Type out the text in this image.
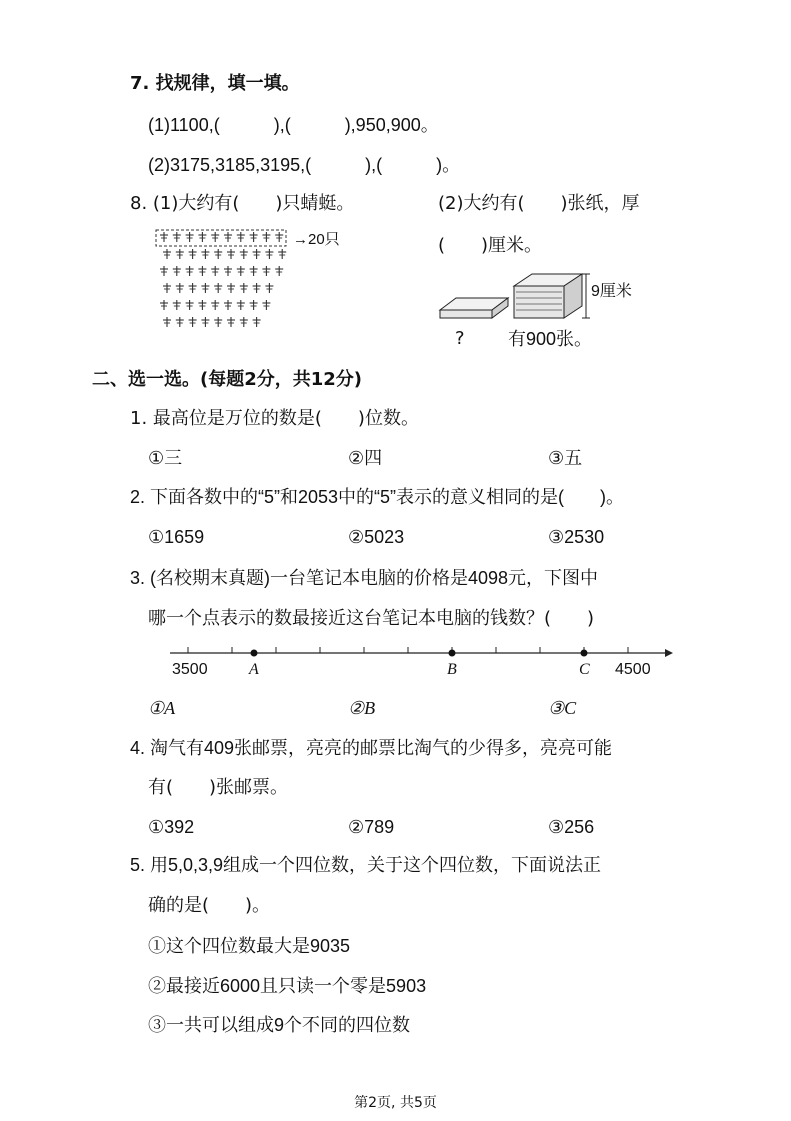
7. 找规律，填一填。
(1)1100,(　　　),(　　　),950,900。
(2)3175,3185,3195,(　　　),(　　　)。
8. (1)大约有(　　)只蜻蜓。	(2)大约有(　　)张纸，厚
(　　)厘米。
→20只
9厘米
? 有900张。
二、选一选。(每题2分，共12分)
1. 最高位是万位的数是(　　)位数。
①三	②四	③五
2. 下面各数中的“5”和2053中的“5”表示的意义相同的是(　　)。
①1659	②5023	③2530
3. (名校期末真题)一台笔记本电脑的价格是4098元，下图中
哪一个点表示的数最接近这台笔记本电脑的钱数？(　　)
3500	A	B	C 4500
①A	②B	③C
4. 淘气有409张邮票，亮亮的邮票比淘气的少得多，亮亮可能
有(　　)张邮票。
①392	②789	③256
5. 用5,0,3,9组成一个四位数，关于这个四位数，下面说法正
确的是(　　)。
①这个四位数最大是9035
②最接近6000且只读一个零是5903
③一共可以组成9个不同的四位数
第2页, 共5页
